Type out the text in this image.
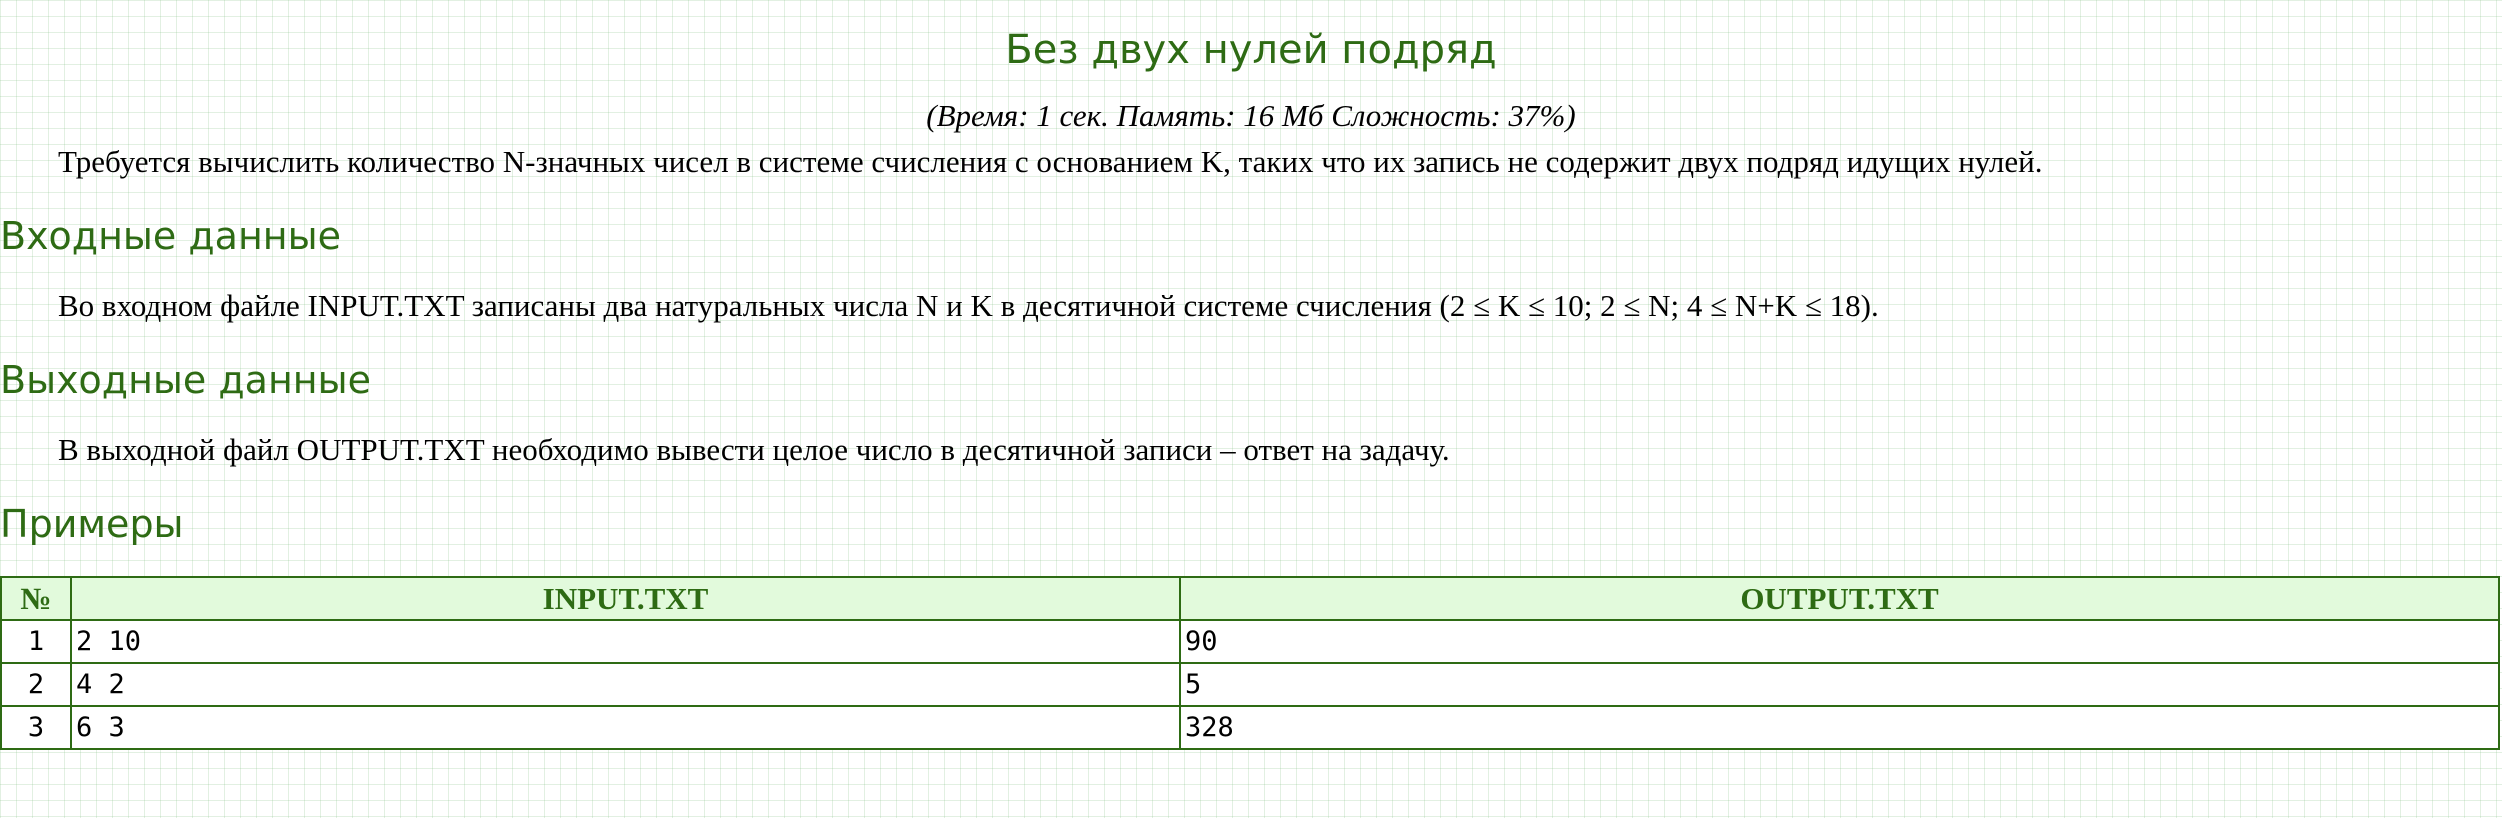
Без двух нулей подряд
(Время: 1 сек. Память: 16 Мб Сложность: 37%)

Требуется вычислить количество N-значных чисел в системе счисления с основанием K, таких что их запись не содержит двух подряд идущих нулей.

Входные данные

Во входном файле INPUT.TXT записаны два натуральных числа N и K в десятичной системе счисления (2 ≤ K ≤ 10; 2 ≤ N; 4 ≤ N+K ≤ 18).

Выходные данные

В выходной файл OUTPUT.TXT необходимо вывести целое число в десятичной записи – ответ на задачу.

Примеры
№	INPUT.TXT	OUTPUT.TXT
1	2 10	90
2	4 2	5
3	6 3	328
